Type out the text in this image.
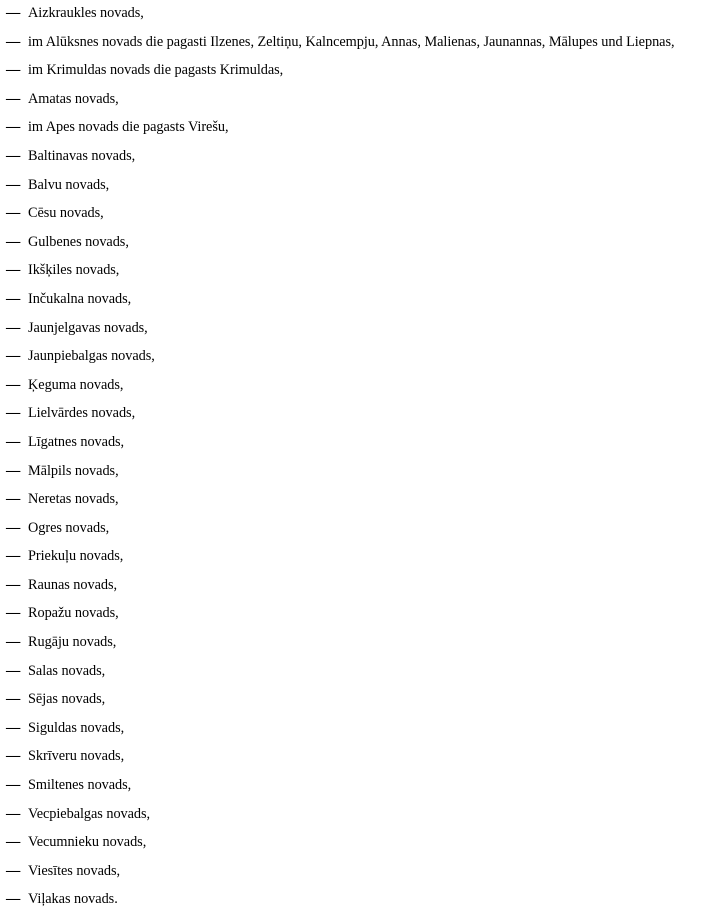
— Aizkraukles novads,
— im Alūksnes novads die pagasti Ilzenes, Zeltiņu, Kalncempju, Annas, Malienas, Jaunannas, Mālupes und Liepnas,
— im Krimuldas novads die pagasts Krimuldas,
— Amatas novads,
— im Apes novads die pagasts Virešu,
— Baltinavas novads,
— Balvu novads,
— Cēsu novads,
— Gulbenes novads,
— Ikšķiles novads,
— Inčukalna novads,
— Jaunjelgavas novads,
— Jaunpiebalgas novads,
— Ķeguma novads,
— Lielvārdes novads,
— Līgatnes novads,
— Mālpils novads,
— Neretas novads,
— Ogres novads,
— Priekuļu novads,
— Raunas novads,
— Ropažu novads,
— Rugāju novads,
— Salas novads,
— Sējas novads,
— Siguldas novads,
— Skrīveru novads,
— Smiltenes novads,
— Vecpiebalgas novads,
— Vecumnieku novads,
— Viesītes novads,
— Viļakas novads.
